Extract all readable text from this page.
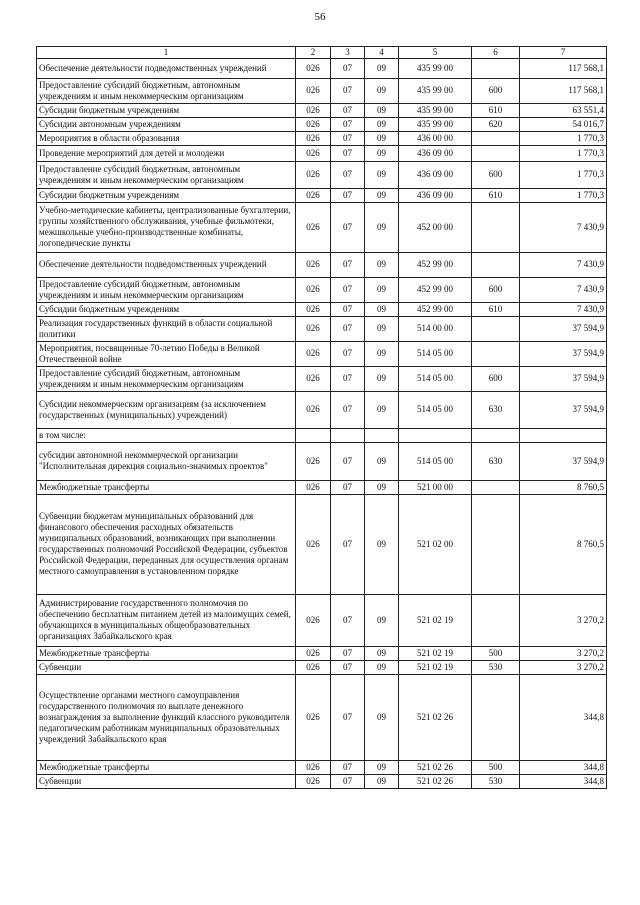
56
1	2	3	4	5	6	7
Обеспечение деятельности подведомственных учреждений	026	07	09	435 99 00		117 568,1
Предоставление субсидий бюджетным, автономным учреждениям и иным некоммерческим организациям	026	07	09	435 99 00	600	117 568,1
Субсидии бюджетным учреждениям	026	07	09	435 99 00	610	63 551,4
Субсидии автономным учреждениям	026	07	09	435 99 00	620	54 016,7
Мероприятия в области образования	026	07	09	436 00 00		1 770,3
Проведение мероприятий для детей и молодежи	026	07	09	436 09 00		1 770,3
Предоставление субсидий бюджетным, автономным учреждениям и иным некоммерческим организациям	026	07	09	436 09 00	600	1 770,3
Субсидии бюджетным учреждениям	026	07	09	436 09 00	610	1 770,3
Учебно-методические кабинеты, централизованные бухгалтерии, группы хозяйственного обслуживания, учебные фильмотеки, межшкольные учебно-производственные комбинаты, логопедические пункты	026	07	09	452 00 00		7 430,9
Обеспечение деятельности подведомственных учреждений	026	07	09	452 99 00		7 430,9
Предоставление субсидий бюджетным, автономным учреждениям и иным некоммерческим организациям	026	07	09	452 99 00	600	7 430,9
Субсидии бюджетным учреждениям	026	07	09	452 99 00	610	7 430,9
Реализация государственных функций в области социальной политики	026	07	09	514 00 00		37 594,9
Мероприятия, посвященные 70-летию Победы в Великой Отечественной войне	026	07	09	514 05 00		37 594,9
Предоставление субсидий бюджетным, автономным учреждениям и иным некоммерческим организациям	026	07	09	514 05 00	600	37 594,9
Субсидии некоммерческим организациям (за исключением государственных (муниципальных) учреждений)	026	07	09	514 05 00	630	37 594,9
в том числе:						
субсидии автономной некоммерческой организации "Исполнительная дирекция социально-значимых проектов"	026	07	09	514 05 00	630	37 594,9
Межбюджетные трансферты	026	07	09	521 00 00		8 760,5
Субвенции бюджетам муниципальных образований для финансового обеспечения расходных обязательств муниципальных образований, возникающих при выполнении государственных полномочий Российской Федерации, субъектов Российской Федерации, переданных для осуществления органам местного самоуправления в установленном порядке	026	07	09	521 02 00		8 760,5
Администрирование государственного полномочия по обеспечению бесплатным питанием детей из малоимущих семей, обучающихся в муниципальных общеобразовательных организациях Забайкальского края	026	07	09	521 02 19		3 270,2
Межбюджетные трансферты	026	07	09	521 02 19	500	3 270,2
Субвенции	026	07	09	521 02 19	530	3 270,2
Осуществление органами местного самоуправления государственного полномочия по выплате денежного вознаграждения за выполнение функций классного руководителя педагогическим работникам муниципальных образовательных учреждений Забайкальского края	026	07	09	521 02 26		344,8
Межбюджетные трансферты	026	07	09	521 02 26	500	344,8
Субвенции	026	07	09	521 02 26	530	344,8
